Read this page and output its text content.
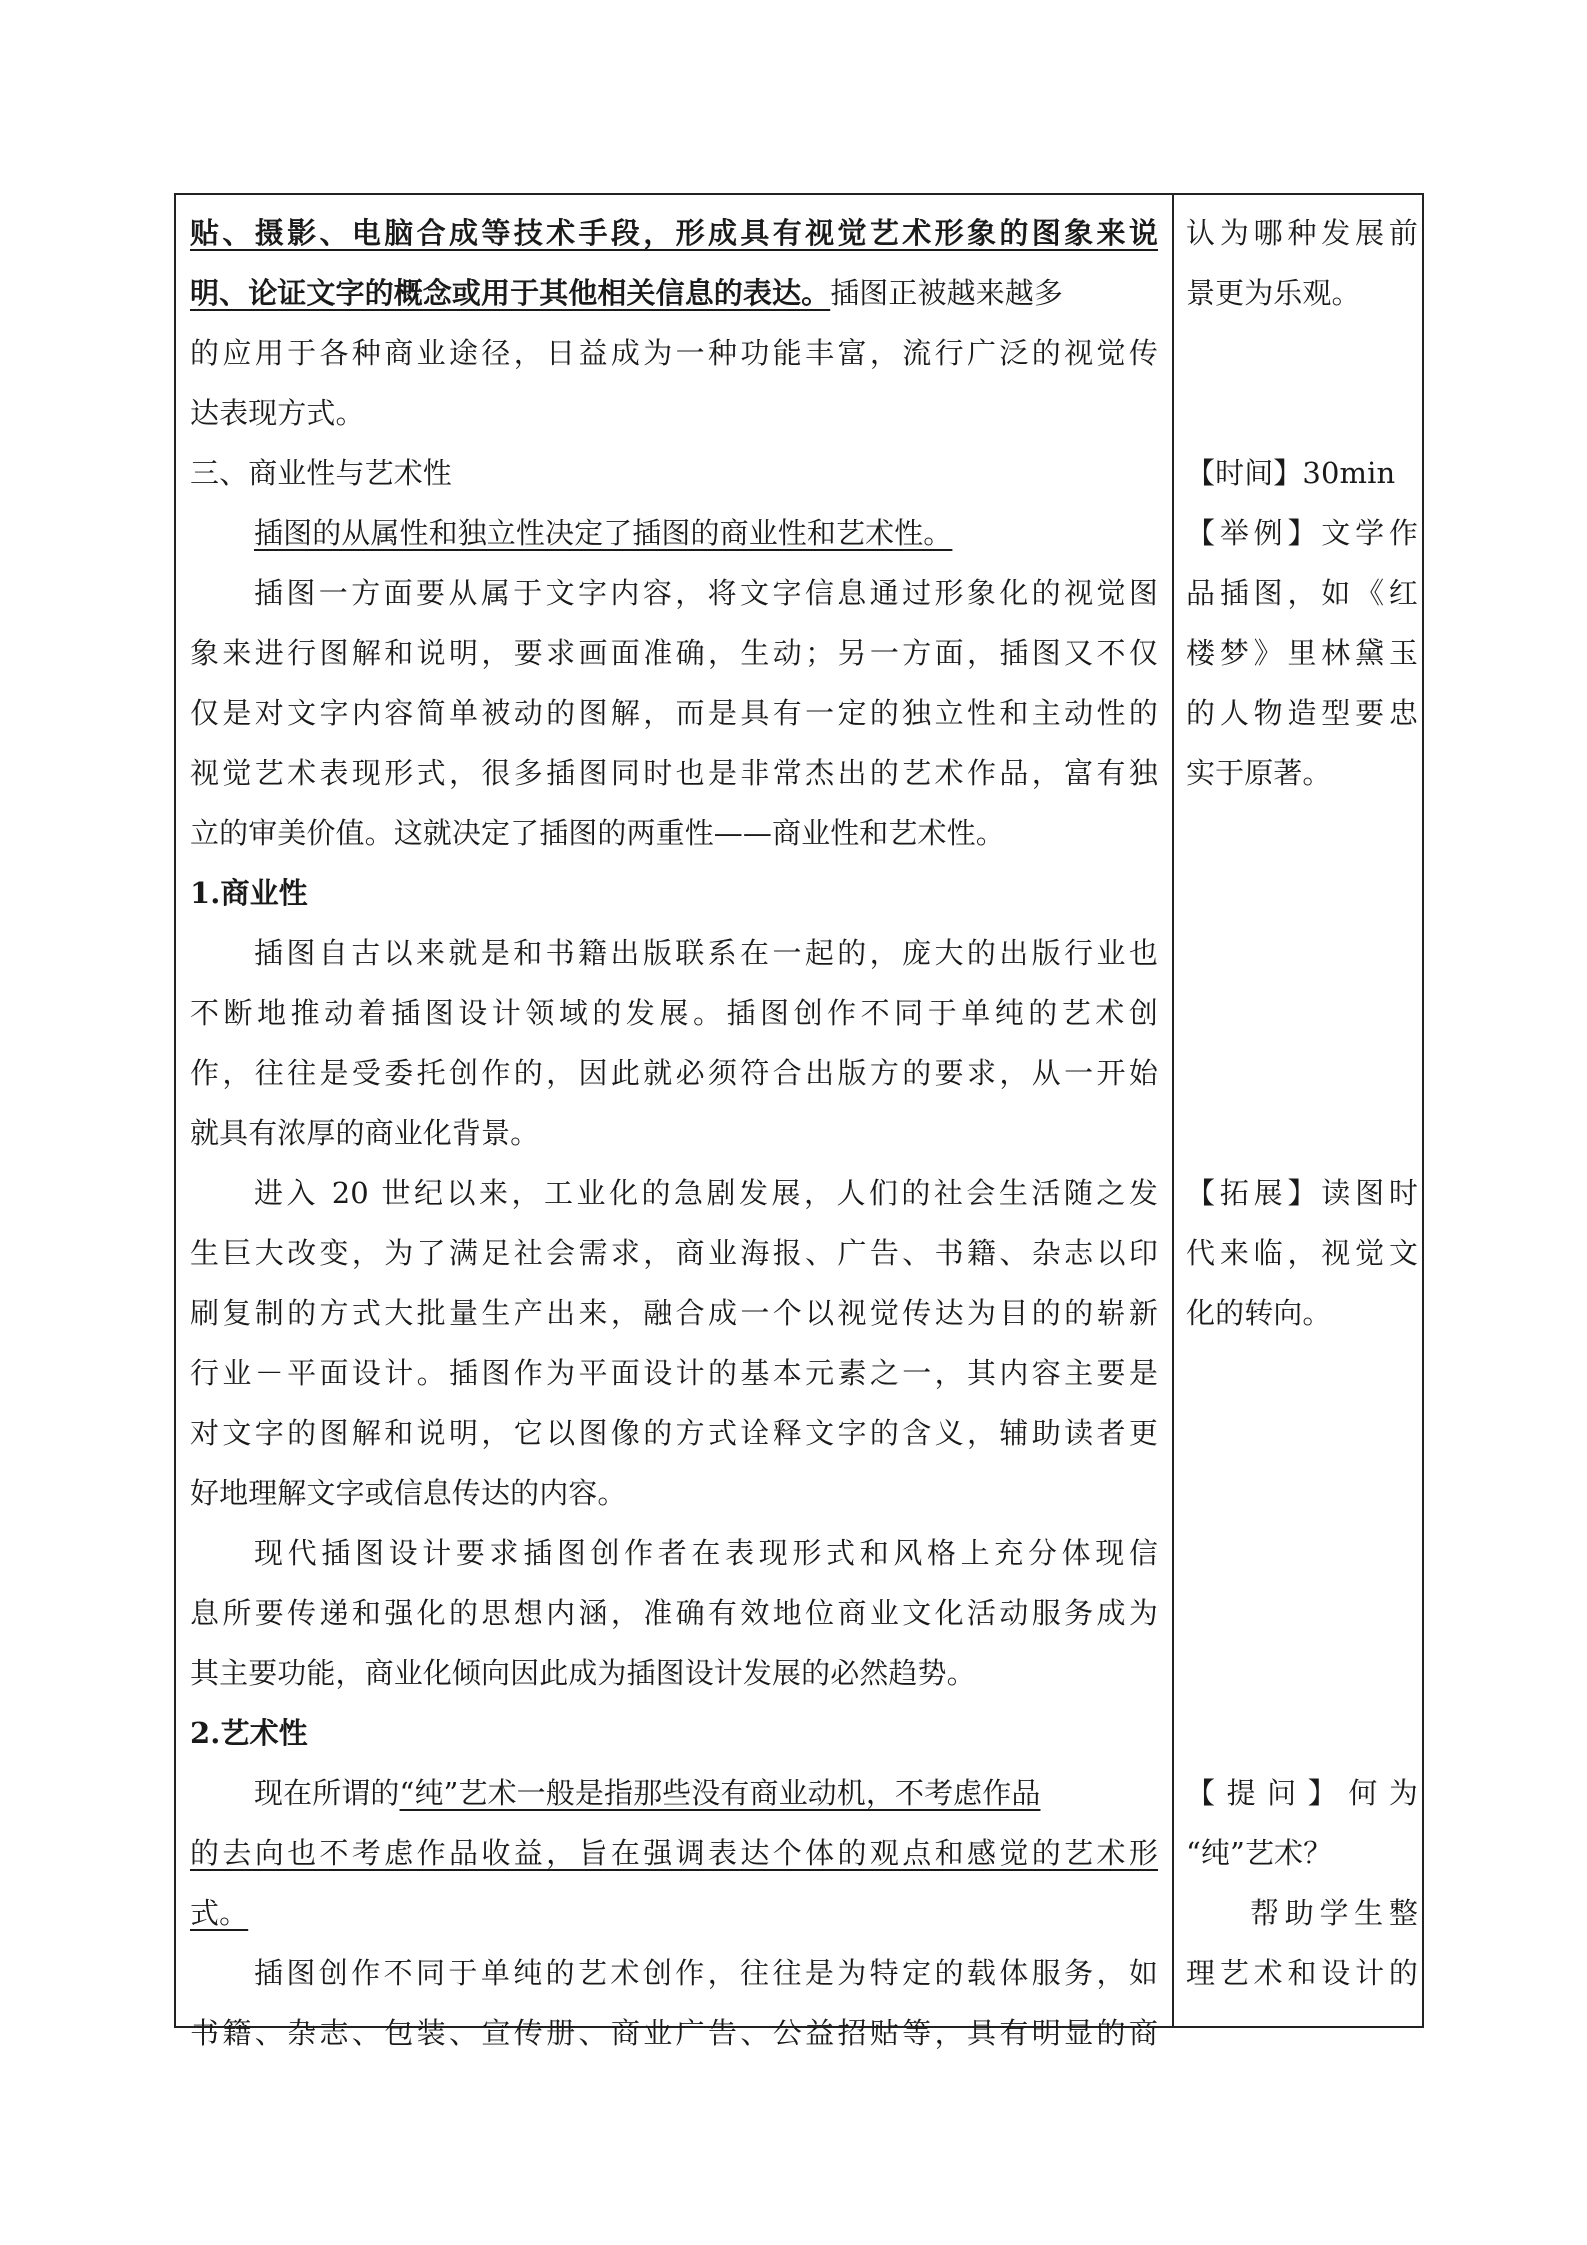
贴、摄影、电脑合成等技术手段，形成具有视觉艺术形象的图象来说
明、论证文字的概念或用于其他相关信息的表达。插图正被越来越多
的应用于各种商业途径，日益成为一种功能丰富，流行广泛的视觉传
达表现方式。
三、商业性与艺术性
插图的从属性和独立性决定了插图的商业性和艺术性。
插图一方面要从属于文字内容，将文字信息通过形象化的视觉图
象来进行图解和说明，要求画面准确，生动；另一方面，插图又不仅
仅是对文字内容简单被动的图解，而是具有一定的独立性和主动性的
视觉艺术表现形式，很多插图同时也是非常杰出的艺术作品，富有独
立的审美价值。这就决定了插图的两重性——商业性和艺术性。
1.商业性
插图自古以来就是和书籍出版联系在一起的，庞大的出版行业也
不断地推动着插图设计领域的发展。插图创作不同于单纯的艺术创
作，往往是受委托创作的，因此就必须符合出版方的要求，从一开始
就具有浓厚的商业化背景。
进入 20 世纪以来，工业化的急剧发展，人们的社会生活随之发
生巨大改变，为了满足社会需求，商业海报、广告、书籍、杂志以印
刷复制的方式大批量生产出来，融合成一个以视觉传达为目的的崭新
行业－平面设计。插图作为平面设计的基本元素之一，其内容主要是
对文字的图解和说明，它以图像的方式诠释文字的含义，辅助读者更
好地理解文字或信息传达的内容。
现代插图设计要求插图创作者在表现形式和风格上充分体现信
息所要传递和强化的思想内涵，准确有效地位商业文化活动服务成为
其主要功能，商业化倾向因此成为插图设计发展的必然趋势。
2.艺术性
现在所谓的“纯”艺术一般是指那些没有商业动机，不考虑作品
的去向也不考虑作品收益，旨在强调表达个体的观点和感觉的艺术形
式。
插图创作不同于单纯的艺术创作，往往是为特定的载体服务，如
书籍、杂志、包装、宣传册、商业广告、公益招贴等，具有明显的商
认为哪种发展前
景更为乐观。
【时间】30min
【举例】文学作
品插图，如《红
楼梦》里林黛玉
的人物造型要忠
实于原著。
【拓展】读图时
代来临，视觉文
化的转向。
【提问】何为
“纯”艺术？
帮助学生整
理艺术和设计的
